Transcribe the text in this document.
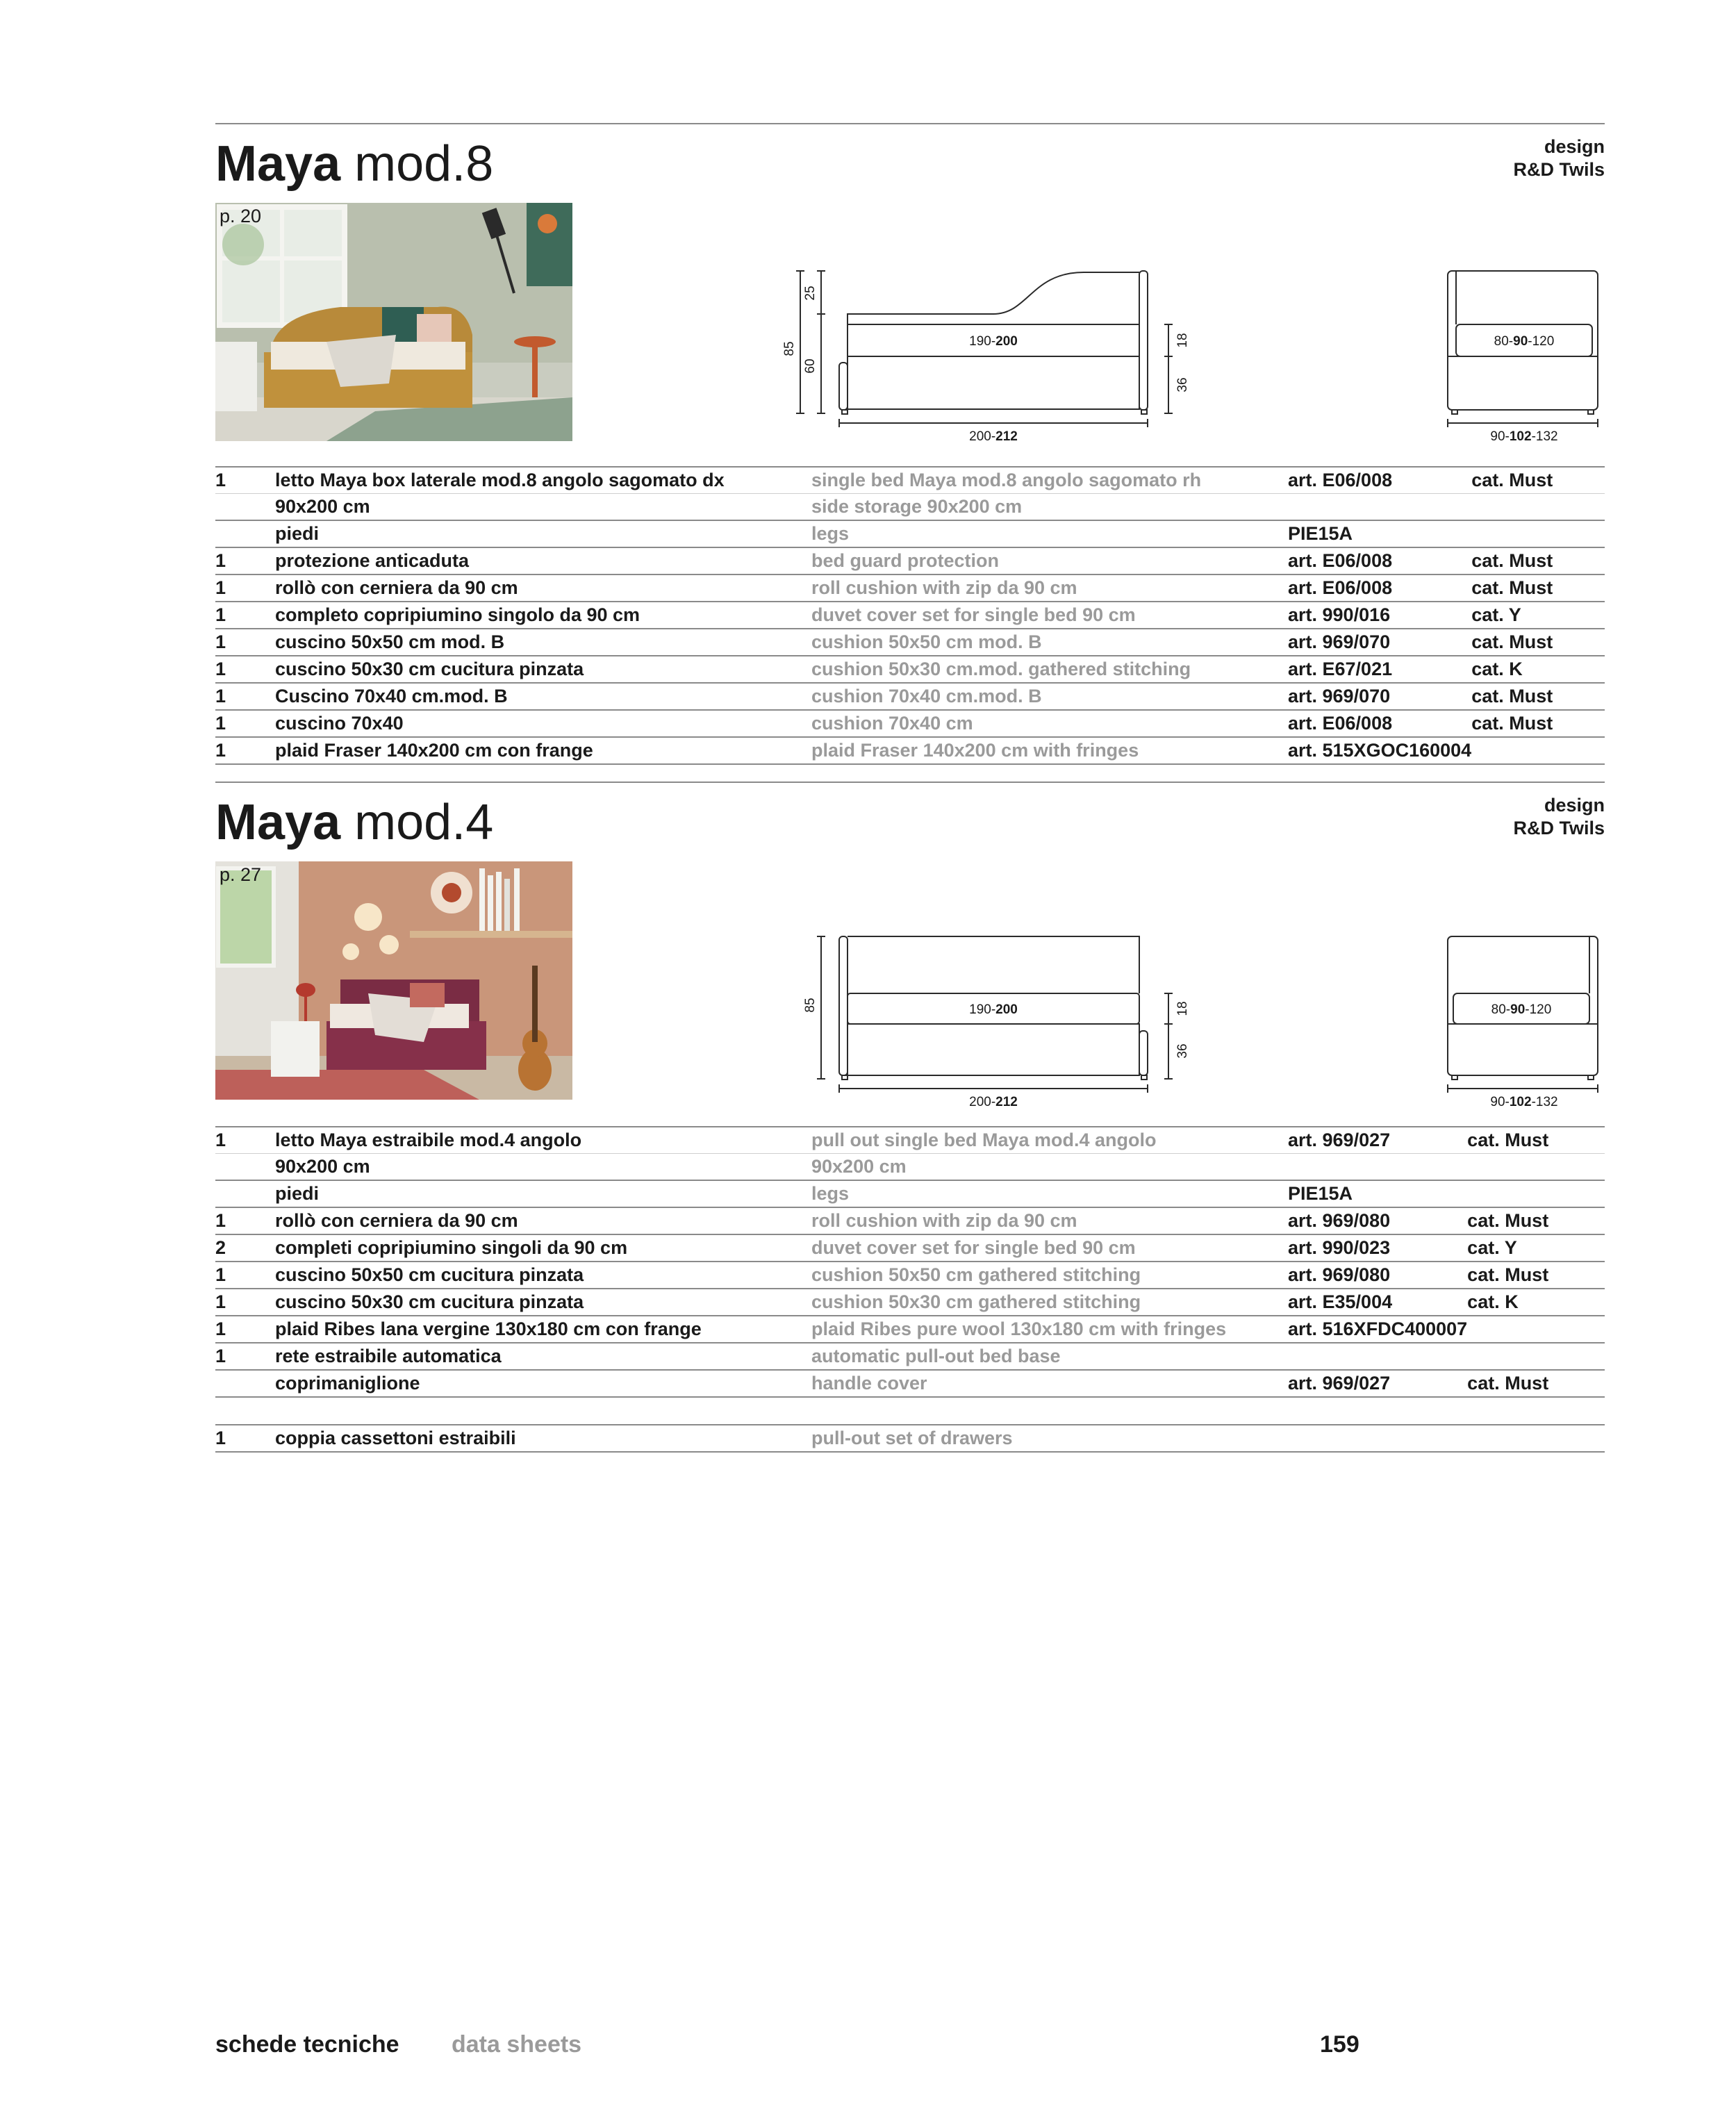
Maya mod.8	design
R&D Twils
p. 20
85
25
60
18
36
190-200
200-212
80-90-120
90-102-132
1	letto Maya box laterale mod.8 angolo sagomato dx	single bed Maya mod.8 angolo sagomato rh	art. E06/008	cat. Must
	90x200 cm	side storage 90x200 cm		
	piedi	legs	PIE15A	
1	protezione anticaduta	bed guard protection	art. E06/008	cat. Must
1	rollò con cerniera da 90 cm	roll cushion with zip da 90 cm	art. E06/008	cat. Must
1	completo copripiumino singolo da 90 cm	duvet cover set for single bed 90 cm	art. 990/016	cat. Y
1	cuscino 50x50 cm mod. B	cushion 50x50 cm mod. B	art. 969/070	cat. Must
1	cuscino 50x30 cm cucitura pinzata	cushion 50x30 cm.mod. gathered stitching	art. E67/021	cat. K
1	Cuscino 70x40 cm.mod. B	cushion 70x40 cm.mod. B	art. 969/070	cat. Must
1	cuscino 70x40	cushion 70x40 cm	art. E06/008	cat. Must
1	plaid Fraser 140x200 cm con frange	plaid Fraser 140x200 cm with fringes	art. 515XGOC160004	
Maya mod.4	design
R&D Twils
p. 27
85	18
36
190-200
200-212
80-90-120
90-102-132
1	letto Maya estraibile mod.4 angolo	pull out single bed Maya mod.4 angolo	art. 969/027	cat. Must
	90x200 cm	90x200 cm		
	piedi	legs	PIE15A	
1	rollò con cerniera da 90 cm	roll cushion with zip da 90 cm	art. 969/080	cat. Must
2	completi copripiumino singoli da 90 cm	duvet cover set for single bed 90 cm	art. 990/023	cat. Y
1	cuscino 50x50 cm cucitura pinzata	cushion 50x50 cm gathered stitching	art. 969/080	cat. Must
1	cuscino 50x30 cm cucitura pinzata	cushion 50x30 cm gathered stitching	art. E35/004	cat. K
1	plaid Ribes lana vergine 130x180 cm con frange	plaid Ribes pure wool 130x180 cm with fringes	art. 516XFDC400007	
1	rete estraibile automatica	automatic pull-out bed base		
	coprimaniglione	handle cover	art. 969/027	cat. Must

1	coppia cassettoni estraibili	pull-out set of drawers		
schede tecniche data sheets	159
